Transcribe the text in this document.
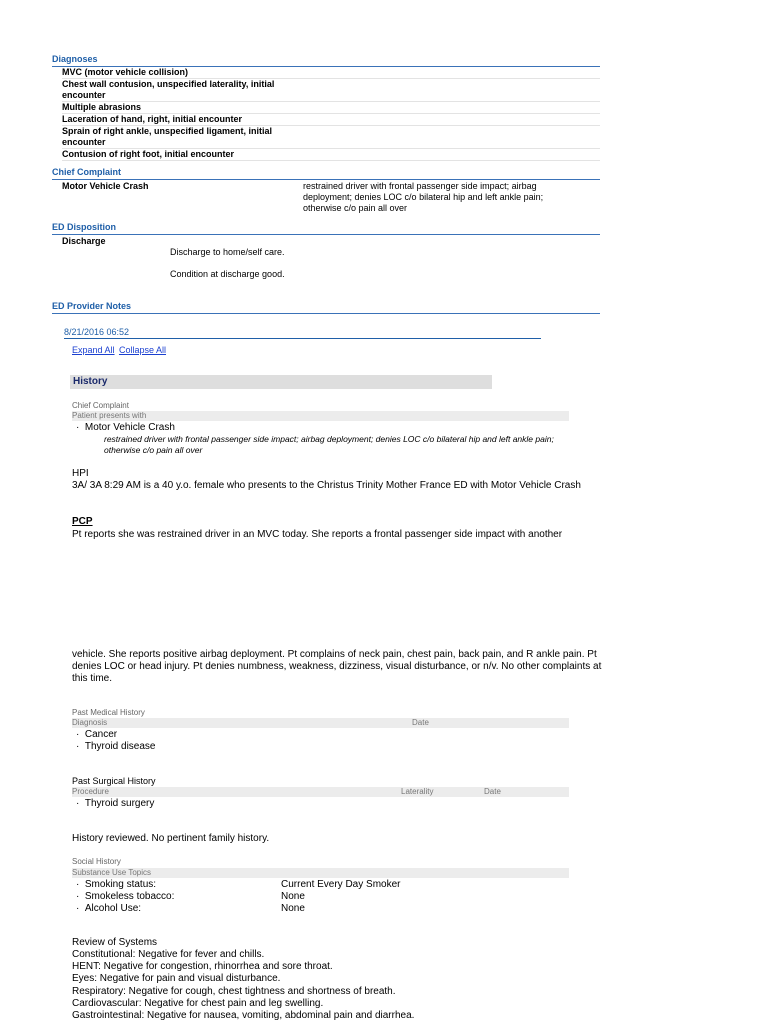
Diagnoses
MVC (motor vehicle collision)
Chest wall contusion, unspecified laterality, initial encounter
Multiple abrasions
Laceration of hand, right, initial encounter
Sprain of right ankle, unspecified ligament, initial encounter
Contusion of right foot, initial encounter
Chief Complaint
Motor Vehicle Crash	restrained driver with frontal passenger side impact; airbag deployment; denies LOC c/o bilateral hip and left ankle pain; otherwise c/o pain all over
ED Disposition
Discharge
Discharge to home/self care.
Condition at discharge good.
ED Provider Notes
8/21/2016 06:52
Expand All Collapse All
History
Chief Complaint
Patient presents with
·  Motor Vehicle Crash
restrained driver with frontal passenger side impact; airbag deployment; denies LOC c/o bilateral hip and left ankle pain; otherwise c/o pain all over
HPI
3A/ 3A 8:29 AM is a 40 y.o. female who presents to the Christus Trinity Mother France ED with Motor Vehicle Crash
PCP
Pt reports she was restrained driver in an MVC today. She reports a frontal passenger side impact with another
vehicle. She reports positive airbag deployment. Pt complains of neck pain, chest pain, back pain, and R ankle pain. Pt denies LOC or head injury. Pt denies numbness, weakness, dizziness, visual disturbance, or n/v. No other complaints at this time.
Past Medical History
Diagnosis	Date
·  Cancer
·  Thyroid disease
Past Surgical History
Procedure	Laterality	Date
·  Thyroid surgery
History reviewed. No pertinent family history.
Social History
Substance Use Topics
·  Smoking status:	Current Every Day Smoker
·  Smokeless tobacco:	None
·  Alcohol Use:	None
Review of Systems
Constitutional: Negative for fever and chills.
HENT: Negative for congestion, rhinorrhea and sore throat.
Eyes: Negative for pain and visual disturbance.
Respiratory: Negative for cough, chest tightness and shortness of breath.
Cardiovascular: Negative for chest pain and leg swelling.
Gastrointestinal: Negative for nausea, vomiting, abdominal pain and diarrhea.
